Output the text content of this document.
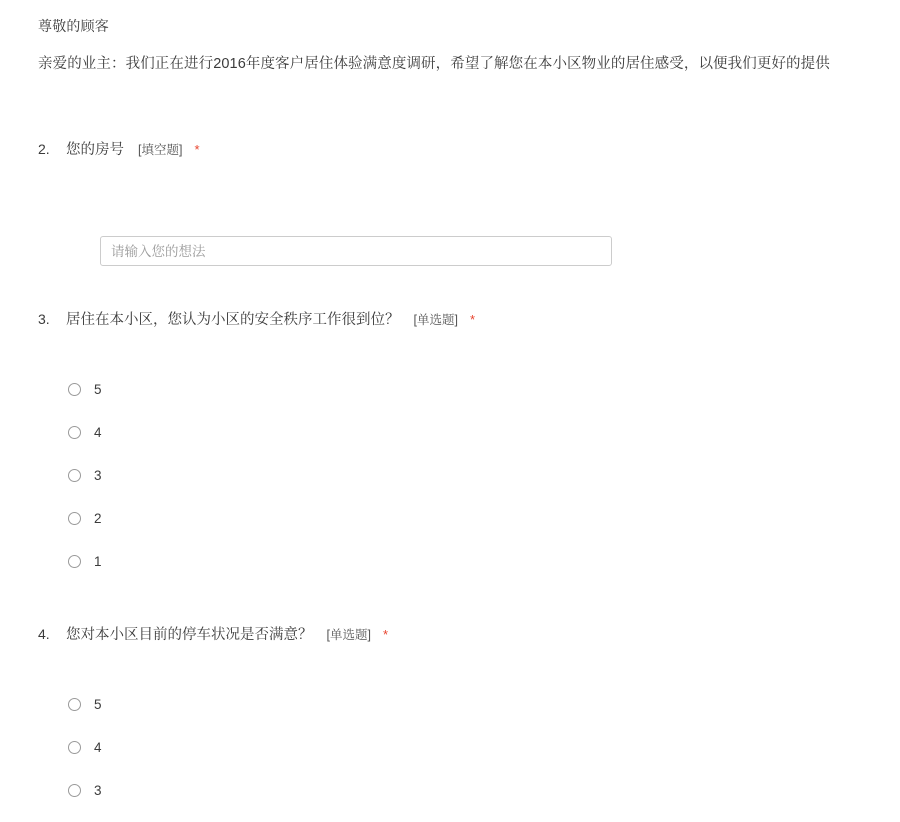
尊敬的顾客
亲爱的业主：我们正在进行2016年度客户居住体验满意度调研，希望了解您在本小区物业的居住感受，以便我们更好的提供
2.	您的房号 [填空题] *
请输入您的想法
3.	居住在本小区，您认为小区的安全秩序工作很到位？ [单选题] *
5
4
3
2
1
4.	您对本小区目前的停车状况是否满意？ [单选题] *
5
4
3
